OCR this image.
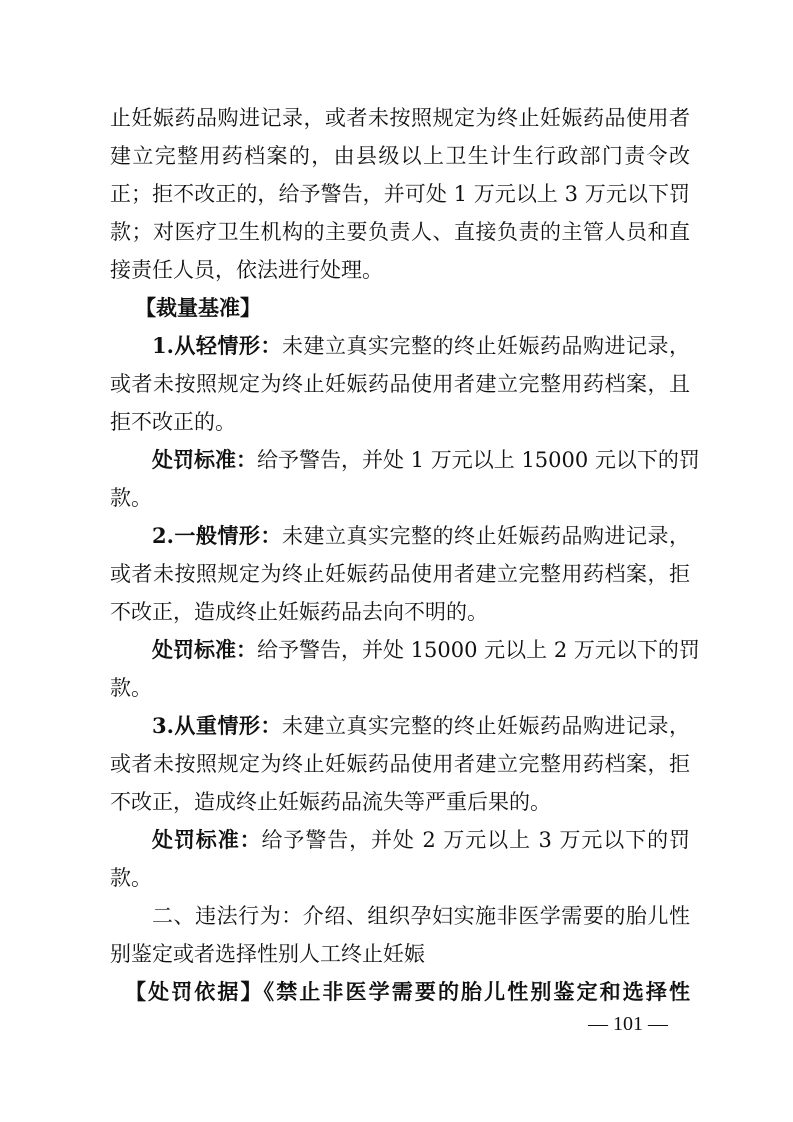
止妊娠药品购进记录，或者未按照规定为终止妊娠药品使用者
建立完整用药档案的，由县级以上卫生计生行政部门责令改
正；拒不改正的，给予警告，并可处 1 万元以上 3 万元以下罚
款；对医疗卫生机构的主要负责人、直接负责的主管人员和直
接责任人员，依法进行处理。
【裁量基准】
1.从轻情形：未建立真实完整的终止妊娠药品购进记录，
或者未按照规定为终止妊娠药品使用者建立完整用药档案，且
拒不改正的。
处罚标准：给予警告，并处 1 万元以上 15000 元以下的罚
款。
2.一般情形：未建立真实完整的终止妊娠药品购进记录，
或者未按照规定为终止妊娠药品使用者建立完整用药档案，拒
不改正，造成终止妊娠药品去向不明的。
处罚标准：给予警告，并处 15000 元以上 2 万元以下的罚
款。
3.从重情形：未建立真实完整的终止妊娠药品购进记录，
或者未按照规定为终止妊娠药品使用者建立完整用药档案，拒
不改正，造成终止妊娠药品流失等严重后果的。
处罚标准：给予警告，并处 2 万元以上 3 万元以下的罚
款。
二、违法行为：介绍、组织孕妇实施非医学需要的胎儿性
别鉴定或者选择性别人工终止妊娠
【处罚依据】《禁止非医学需要的胎儿性别鉴定和选择性
— 101 —
